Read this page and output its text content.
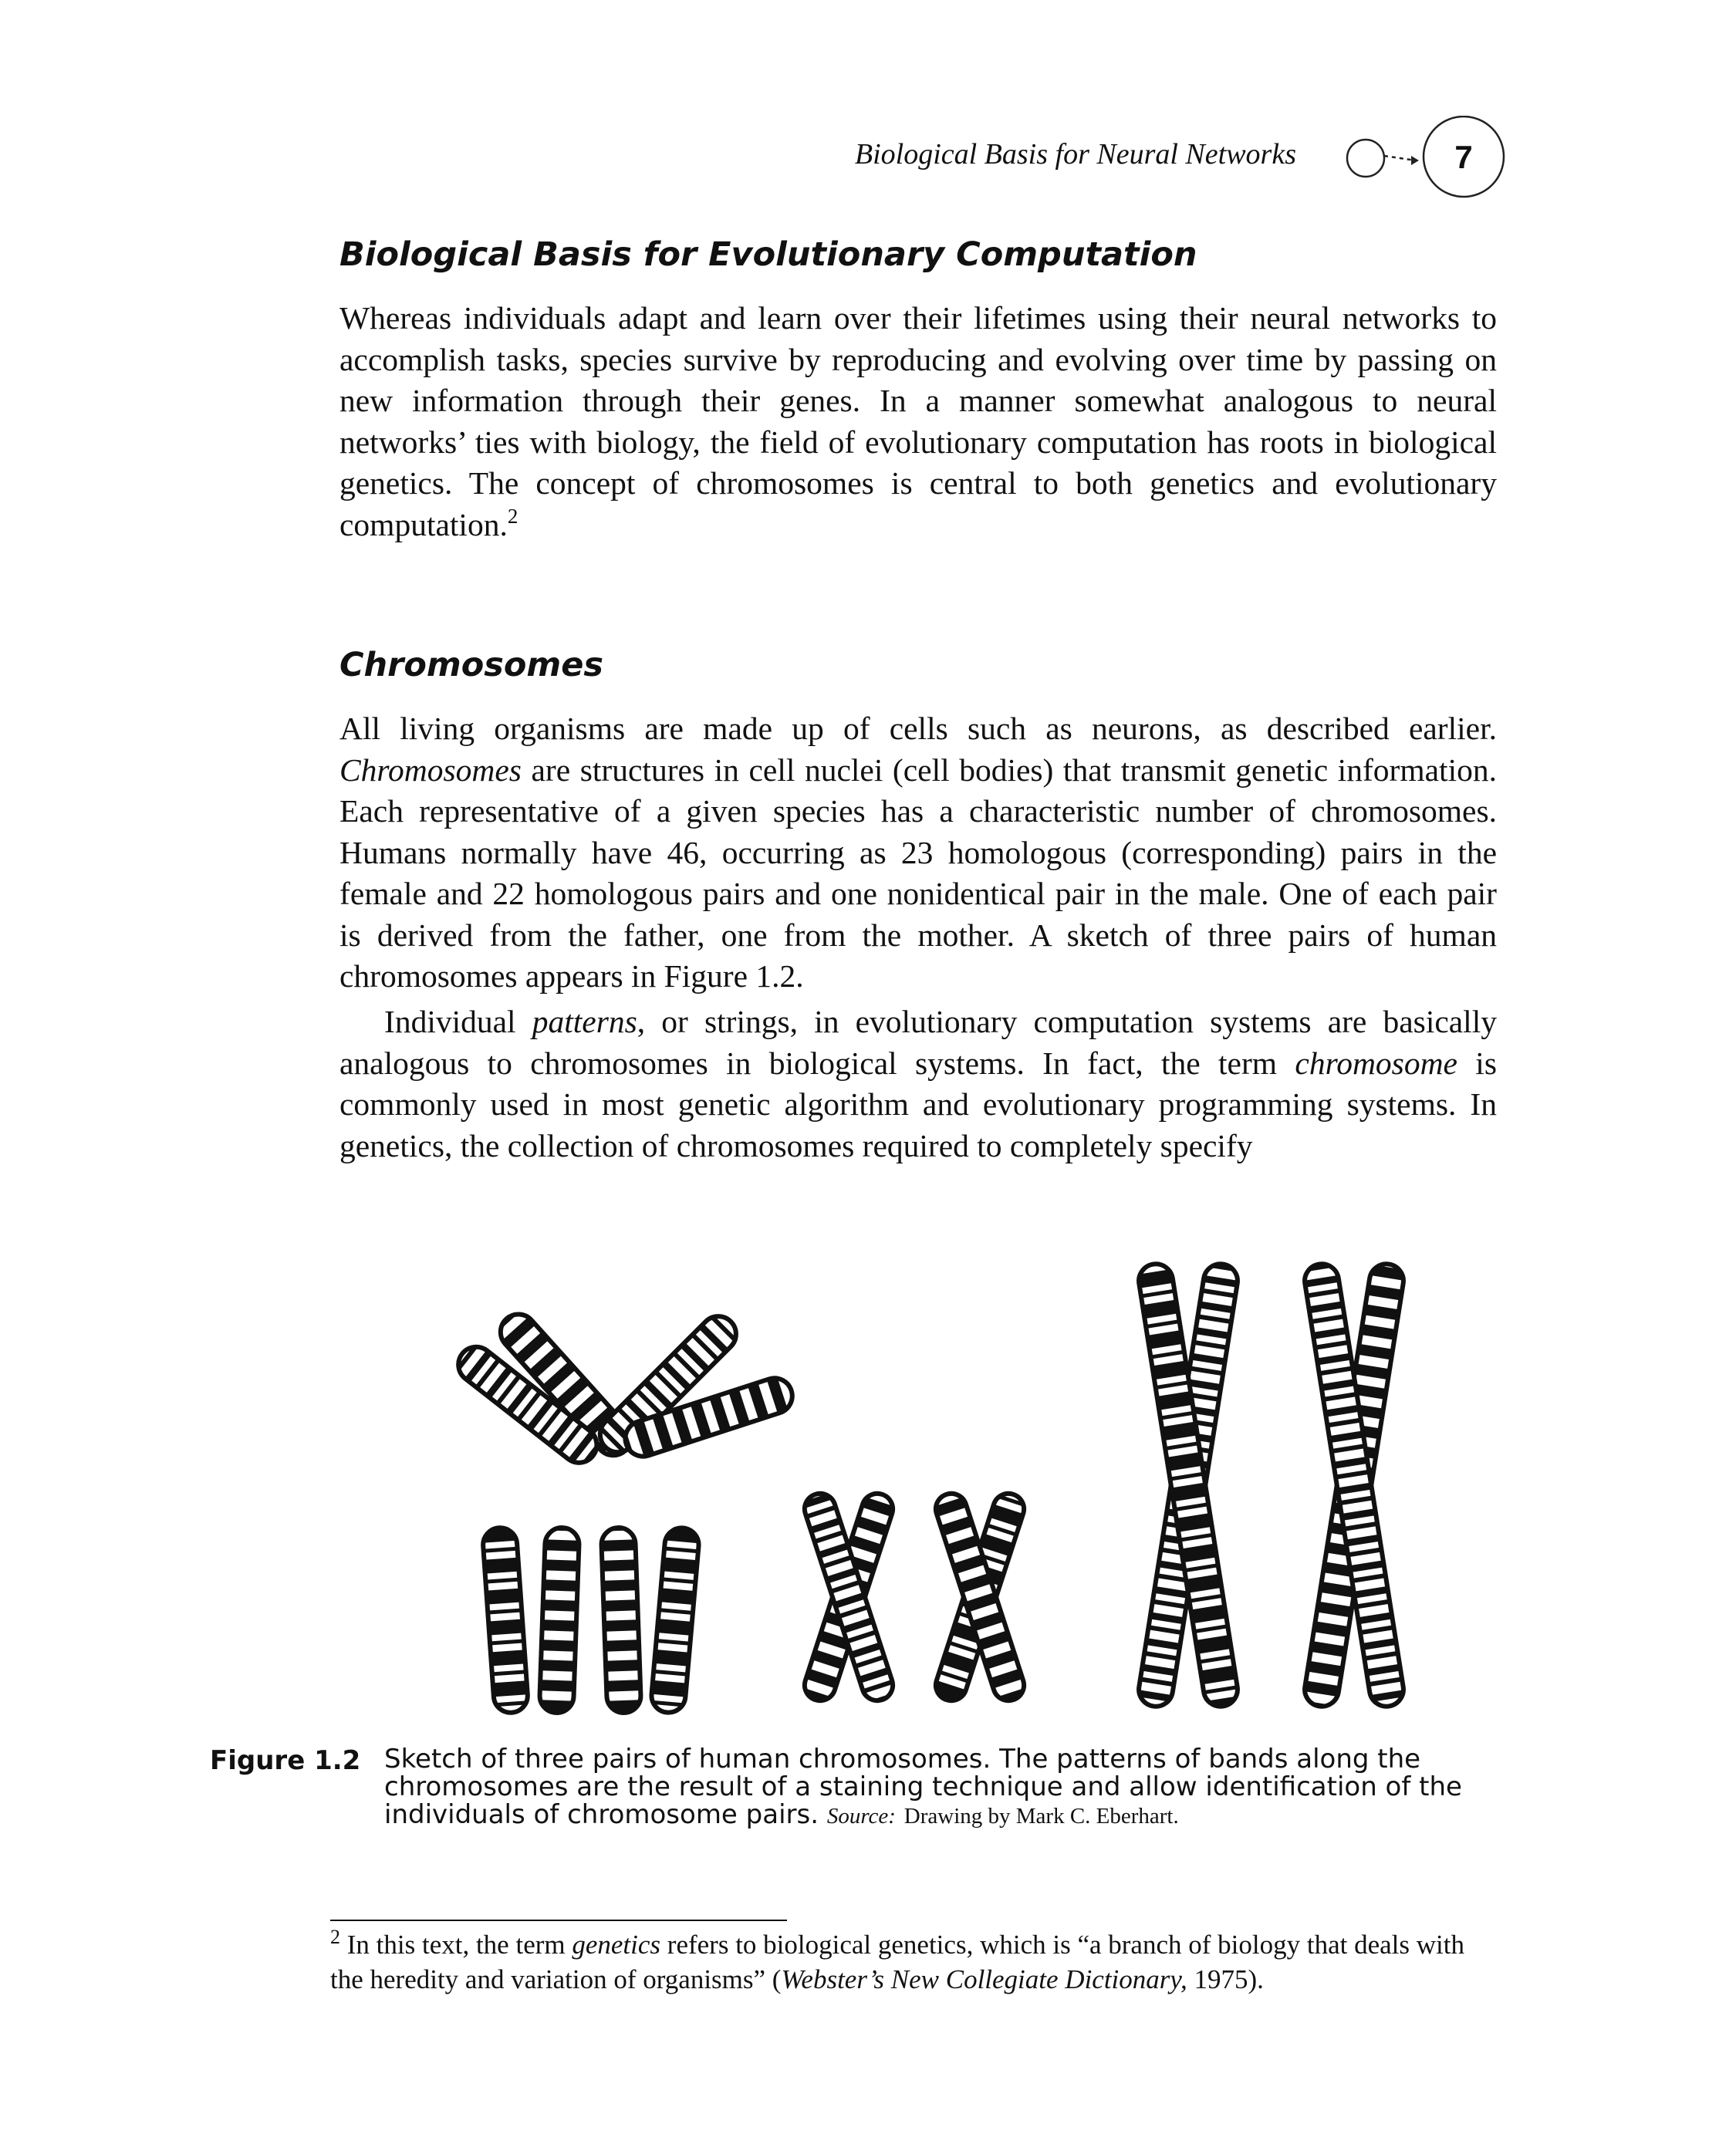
Biological Basis for Neural Networks	7
Biological Basis for Evolutionary Computation

Whereas individuals adapt and learn over their lifetimes using their neural networks to accomplish tasks, species survive by reproducing and evolving over time by passing on new information through their genes. In a manner somewhat analogous to neural networks’ ties with biology, the field of evolutionary computation has roots in biological genetics. The concept of chromosomes is central to both genetics and evolutionary computation.$^2$

Chromosomes

All living organisms are made up of cells such as neurons, as described earlier. Chromosomes are structures in cell nuclei (cell bodies) that transmit genetic information. Each representative of a given species has a characteristic number of chromosomes. Humans normally have 46, occurring as 23 homologous (corresponding) pairs in the female and 22 homologous pairs and one nonidentical pair in the male. One of each pair is derived from the father, one from the mother. A sketch of three pairs of human chromosomes appears in Figure 1.2.

Individual patterns, or strings, in evolutionary computation systems are basically analogous to chromosomes in biological systems. In fact, the term chromosome is commonly used in most genetic algorithm and evolutionary programming systems. In genetics, the collection of chromosomes required to completely specify

Figure 1.2 Sketch of three pairs of human chromosomes. The patterns of bands along the chromosomes are the result of a staining technique and allow identification of the individuals of chromosome pairs. Source: Drawing by Mark C. Eberhart.

$^2$ In this text, the term genetics refers to biological genetics, which is “a branch of biology that deals with the heredity and variation of organisms” (Webster’s New Collegiate Dictionary, 1975).
